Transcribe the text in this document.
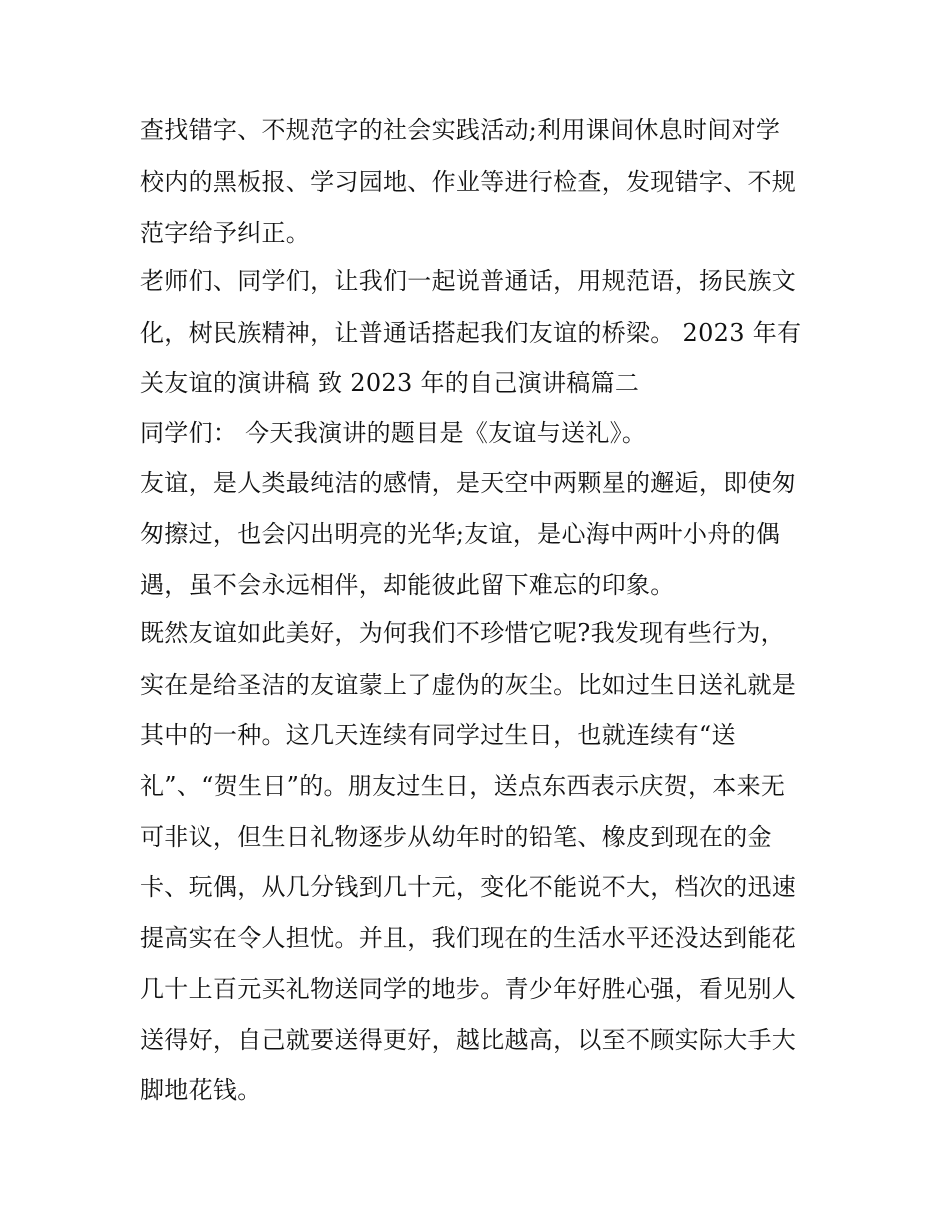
查找错字、不规范字的社会实践活动;利用课间休息时间对学
校内的黑板报、学习园地、作业等进行检查，发现错字、不规
范字给予纠正。
老师们、同学们，让我们一起说普通话，用规范语，扬民族文
化，树民族精神，让普通话搭起我们友谊的桥梁。 2023 年有
关友谊的演讲稿 致 2023 年的自己演讲稿篇二
同学们： 今天我演讲的题目是《友谊与送礼》。
友谊，是人类最纯洁的感情，是天空中两颗星的邂逅，即使匆
匆擦过，也会闪出明亮的光华;友谊，是心海中两叶小舟的偶
遇，虽不会永远相伴，却能彼此留下难忘的印象。
既然友谊如此美好，为何我们不珍惜它呢?我发现有些行为，
实在是给圣洁的友谊蒙上了虚伪的灰尘。比如过生日送礼就是
其中的一种。这几天连续有同学过生日，也就连续有“送
礼”、“贺生日”的。朋友过生日，送点东西表示庆贺，本来无
可非议，但生日礼物逐步从幼年时的铅笔、橡皮到现在的金
卡、玩偶，从几分钱到几十元，变化不能说不大，档次的迅速
提高实在令人担忧。并且，我们现在的生活水平还没达到能花
几十上百元买礼物送同学的地步。青少年好胜心强，看见别人
送得好，自己就要送得更好，越比越高，以至不顾实际大手大
脚地花钱。
